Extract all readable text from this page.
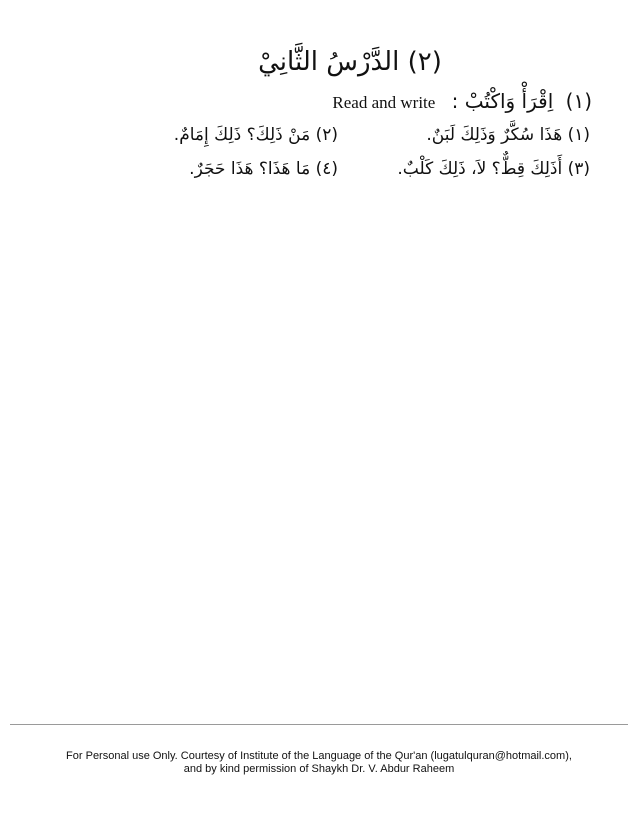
(٢) الدَّرْسُ الثَّانِيْ
(١) اِقْرَأْ وَاكْتُبْ : Read and write
(١) هَذَا سُكَّرٌ وَذَلِكَ لَبَنٌ.
(٢) مَنْ ذَلِكَ؟ ذَلِكَ إِمَامٌ.
(٣) أَذَلِكَ قِطٌّ؟ لاَ، ذَلِكَ كَلْبٌ.
(٤) مَا هَذَا؟ هَذَا حَجَرٌ.
For Personal use Only. Courtesy of Institute of the Language of the Qur'an (lugatulquran@hotmail.com),
and by kind permission of Shaykh Dr. V. Abdur Raheem
